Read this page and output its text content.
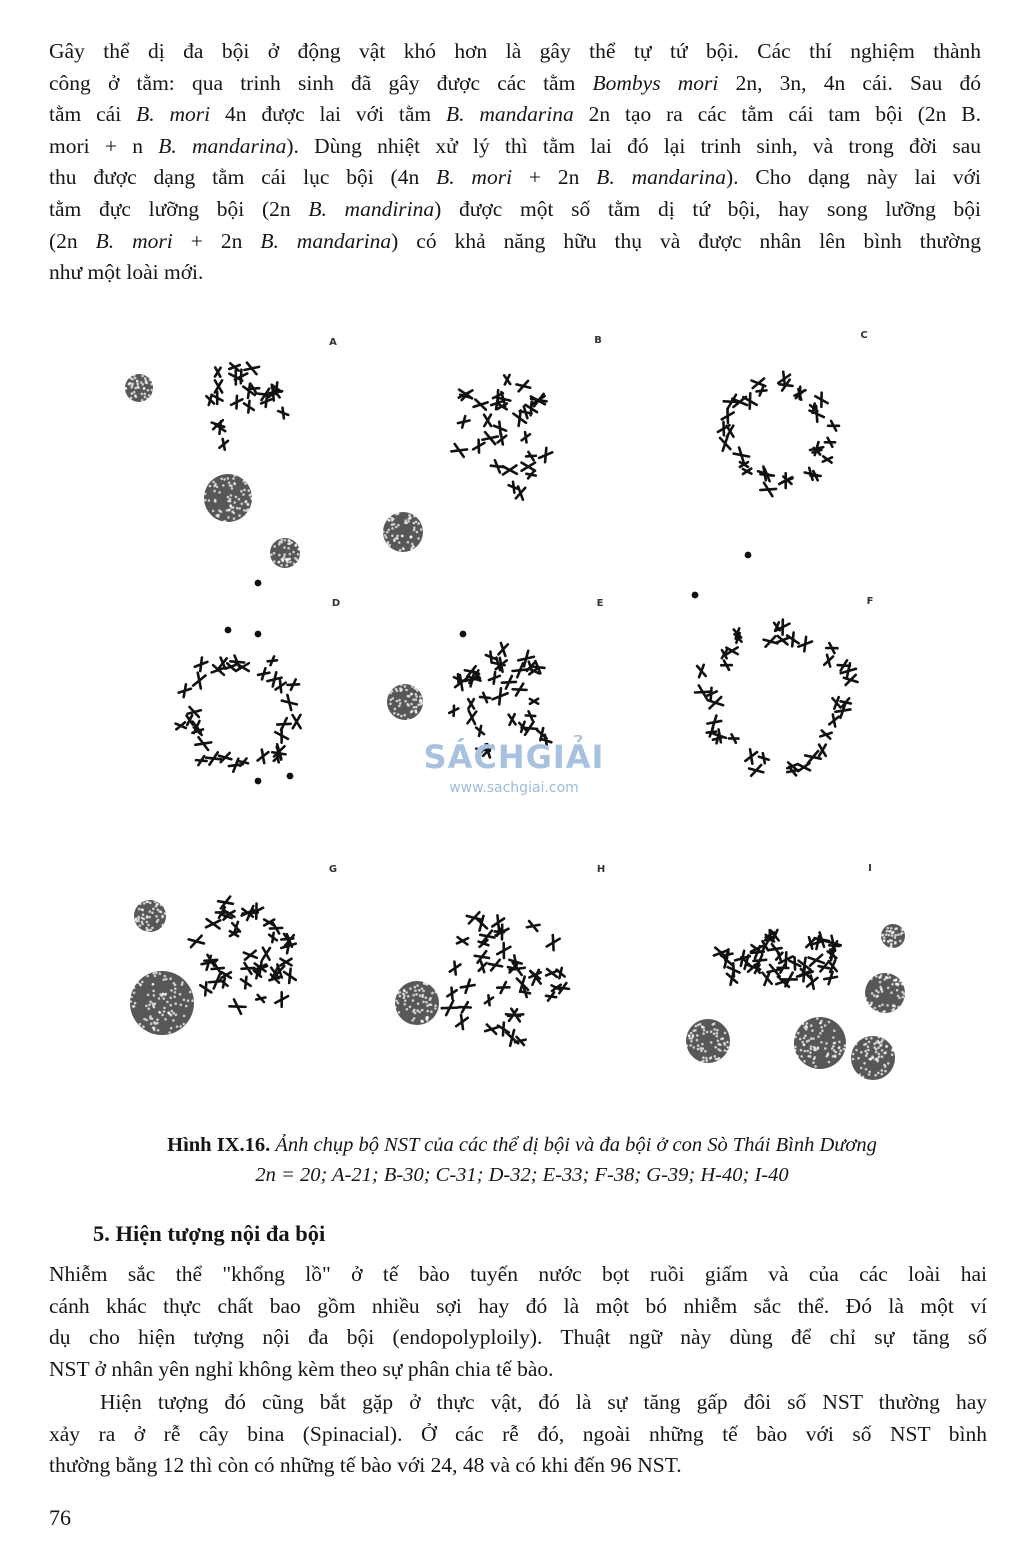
Gây thể dị đa bội ở động vật khó hơn là gây thể tự tứ bội. Các thí nghiệm thành
công ở tằm: qua trinh sinh đã gây được các tằm Bombys mori 2n, 3n, 4n cái. Sau đó
tằm cái B. mori 4n được lai với tằm B. mandarina 2n tạo ra các tằm cái tam bội (2n B.
mori + n B. mandarina). Dùng nhiệt xử lý thì tằm lai đó lại trinh sinh, và trong đời sau
thu được dạng tằm cái lục bội (4n B. mori + 2n B. mandarina). Cho dạng này lai với
tằm đực lưỡng bội (2n B. mandirina) được một số tằm dị tứ bội, hay song lưỡng bội
(2n B. mori + 2n B. mandarina) có khả năng hữu thụ và được nhân lên bình thường
như một loài mới.
A	B	C
D	E	F
G	H	I
SÁCHGIẢI
www.sachgiai.com
Hình IX.16. Ảnh chụp bộ NST của các thể dị bội và đa bội ở con Sò Thái Bình Dương
2n = 20; A-21; B-30; C-31; D-32; E-33; F-38; G-39; H-40; I-40
5. Hiện tượng nội đa bội
Nhiễm sắc thể "khổng lồ" ở tế bào tuyến nước bọt ruồi giấm và của các loài hai
cánh khác thực chất bao gồm nhiều sợi hay đó là một bó nhiễm sắc thể. Đó là một ví
dụ cho hiện tượng nội đa bội (endopolyploily). Thuật ngữ này dùng để chỉ sự tăng số
NST ở nhân yên nghỉ không kèm theo sự phân chia tế bào.
Hiện tượng đó cũng bắt gặp ở thực vật, đó là sự tăng gấp đôi số NST thường hay
xảy ra ở rễ cây bina (Spinacial). Ở các rễ đó, ngoài những tế bào với số NST bình
thường bằng 12 thì còn có những tế bào với 24, 48 và có khi đến 96 NST.
76
